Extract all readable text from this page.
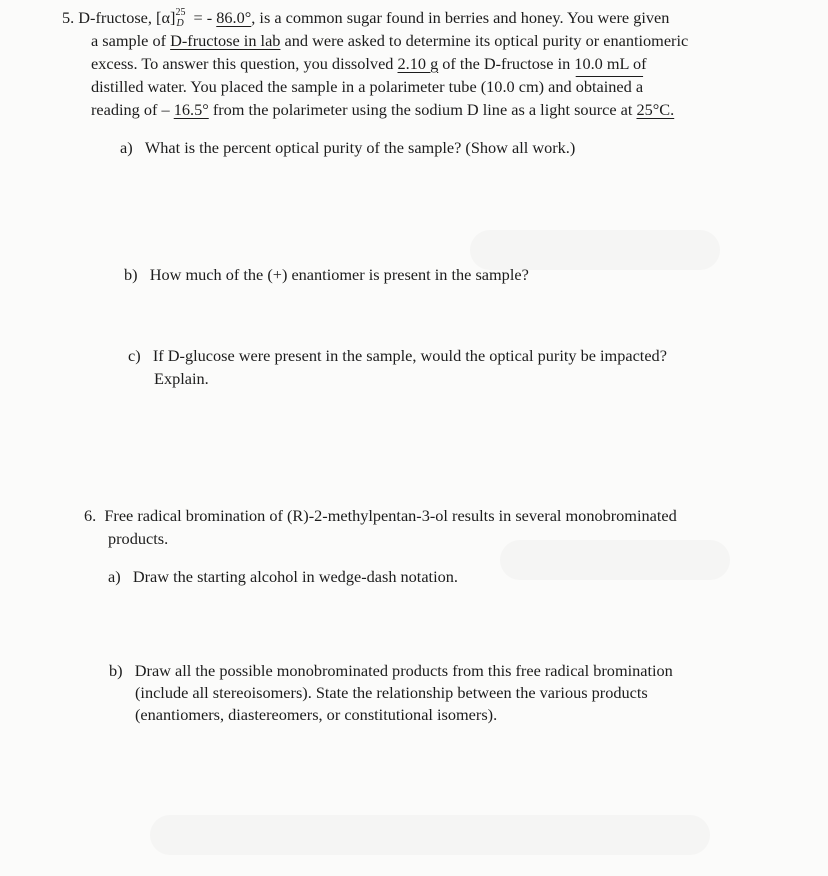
5. D-fructose, [α] 25
D = - 86.0°, is a common sugar found in berries and honey. You were given
a sample of D-fructose in lab and were asked to determine its optical purity or enantiomeric
excess. To answer this question, you dissolved 2.10 g of the D-fructose in 10.0 mL of
distilled water. You placed the sample in a polarimeter tube (10.0 cm) and obtained a
reading of – 16.5° from the polarimeter using the sodium D line as a light source at 25°C.
a) What is the percent optical purity of the sample? (Show all work.)
b) How much of the (+) enantiomer is present in the sample?
c) If D-glucose were present in the sample, would the optical purity be impacted?
Explain.
6. Free radical bromination of (R)-2-methylpentan-3-ol results in several monobrominated
products.
a) Draw the starting alcohol in wedge-dash notation.
b) Draw all the possible monobrominated products from this free radical bromination
(include all stereoisomers). State the relationship between the various products
(enantiomers, diastereomers, or constitutional isomers).
